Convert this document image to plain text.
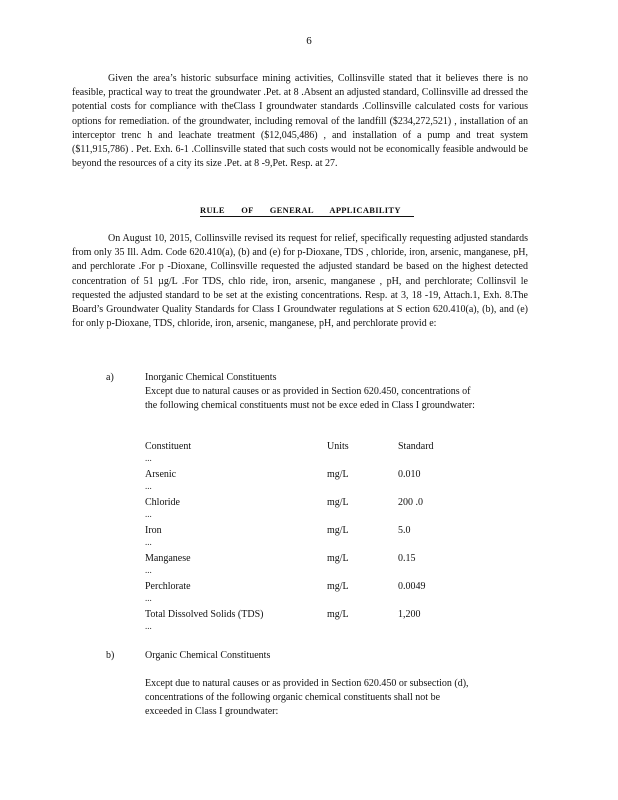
6
Given the area’s historic subsurface mining activities, Collinsville stated that it believes there is no feasible, practical way to treat the groundwater .Pet. at 8 .Absent an adjusted standard, Collinsville ad dressed the potential costs for compliance with theClass I groundwater standards .Collinsville calculated costs for various options for remediation. of the groundwater, including removal of the landfill ($234,272,521) , installation of an interceptor trenc h and leachate treatment ($12,045,486) , and installation of a pump and treat system ($11,915,786) . Pet. Exh. 6-1 .Collinsville stated that such costs would not be economically feasible andwould be beyond the resources of a city its size .Pet. at 8 -9,Pet. Resp. at 27.
RULE OF GENERAL APPLICABILITY
On August 10, 2015, Collinsville revised its request for relief, specifically requesting adjusted standards from only 35 Ill. Adm. Code 620.410(a), (b) and (e) for p-Dioxane, TDS , chloride, iron, arsenic, manganese, pH, and perchlorate .For p -Dioxane, Collinsville requested the adjusted standard be based on the highest detected concentration of 51 µg/L .For TDS, chlo ride, iron, arsenic, manganese , pH, and perchlorate; Collinsvil le requested the adjusted standard to be set at the existing concentrations. Resp. at 3, 18 -19, Attach.1, Exh. 8.The Board’s Groundwater Quality Standards for Class I Groundwater regulations at S ection 620.410(a), (b), and (e) for only p-Dioxane, TDS, chloride, iron, arsenic, manganese, pH, and perchlorate provid e:
a)	Inorganic Chemical Constituents
Except due to natural causes or as provided in Section 620.450, concentrations of the following chemical constituents must not be exce eded in Class I groundwater:
Constituent	Units	Standard
...
Arsenic	mg/L	0.010
...
Chloride	mg/L	200 .0
...
Iron	mg/L	5.0
...
Manganese	mg/L	0.15
...
Perchlorate	mg/L	0.0049
...
Total Dissolved Solids (TDS)	mg/L	1,200
...
b)	Organic Chemical Constituents
Except due to natural causes or as provided in Section 620.450 or subsection (d), concentrations of the following organic chemical constituents shall not be exceeded in Class I groundwater:
